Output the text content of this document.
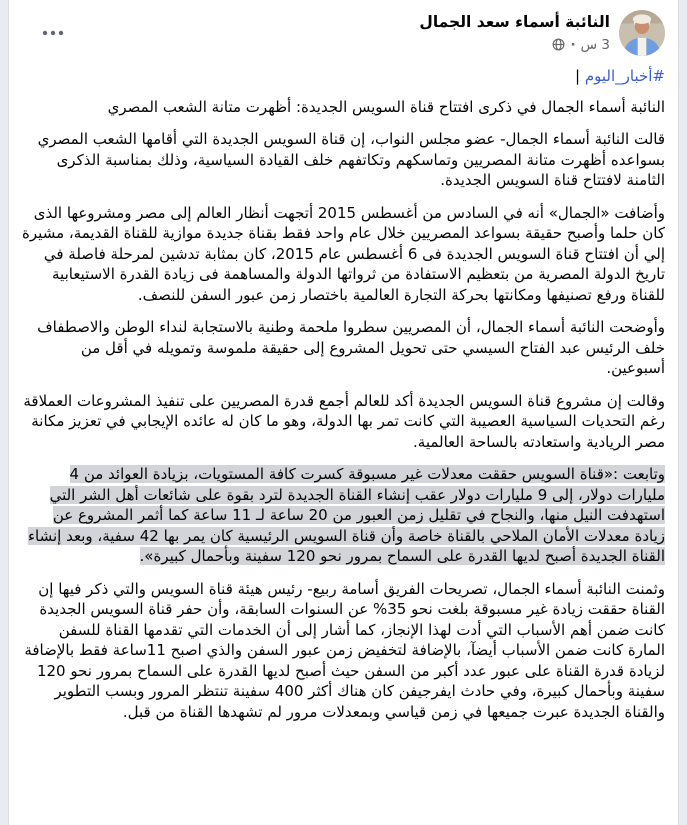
النائبة أسماء سعد الجمال
3 س
·
#أخبار_اليوم |

النائبة أسماء الجمال في ذكرى افتتاح قناة السويس الجديدة: أظهرت متانة الشعب المصري

قالت النائبة أسماء الجمال- عضو مجلس النواب، إن قناة السويس الجديدة التي أقامها الشعب المصري بسواعده أظهرت متانة المصريين وتماسكهم وتكاتفهم خلف القيادة السياسية، وذلك بمناسبة الذكرى الثامنة لافتتاح قناة السويس الجديدة.

وأضافت «الجمال» أنه في السادس من أغسطس 2015 أتجهت أنظار العالم إلى مصر ومشروعها الذى كان حلما وأصبح حقيقة بسواعد المصريين خلال عام واحد فقط بقناة جديدة موازية للقناة القديمة، مشيرة إلي أن افتتاح قناة السويس الجديدة فى 6 أغسطس عام 2015، كان بمثابة تدشين لمرحلة فاصلة في تاريخ الدولة المصرية من بتعظيم الاستفادة من ثرواتها الدولة والمساهمة فى زيادة القدرة الاستيعابية للقناة ورفع تصنيفها ومكانتها بحركة التجارة العالمية باختصار زمن عبور السفن للنصف.

وأوضحت النائبة أسماء الجمال، أن المصريين سطروا ملحمة وطنية بالاستجابة لنداء الوطن والاصطفاف خلف الرئيس عبد الفتاح السيسي حتى تحويل المشروع إلى حقيقة ملموسة وتمويله في أقل من أسبوعين.

وقالت إن مشروع قناة السويس الجديدة أكد للعالم أجمع قدرة المصريين على تنفيذ المشروعات العملاقة رغم التحديات السياسية العصيبة التي كانت تمر بها الدولة، وهو ما كان له عائده الإيجابي في تعزيز مكانة مصر الريادية واستعادته بالساحة العالمية.

وتابعت :«قناة السويس حققت معدلات غير مسبوقة كسرت كافة المستويات، بزيادة العوائد من 4 مليارات دولار، إلى 9 مليارات دولار عقب إنشاء القناة الجديدة لترد بقوة على شائعات أهل الشر التي استهدفت النيل منها، والنجاح في تقليل زمن العبور من 20 ساعة لـ 11 ساعة كما أثمر المشروع عن زيادة معدلات الأمان الملاحي بالقناة خاصة وأن قناة السويس الرئيسية كان يمر بها 42 سفية، وبعد إنشاء القناة الجديدة أصبح لديها القدرة على السماح بمرور نحو 120 سفينة وبأحمال كبيرة».

وثمنت النائبة أسماء الجمال، تصريحات الفريق أسامة ربيع- رئيس هيئة قناة السويس والتي ذكر فيها إن القناة حققت زيادة غير مسبوقة بلغت نحو 35% عن السنوات السابقة، وأن حفر قناة السويس الجديدة كانت ضمن أهم الأسباب التي أدت لهذا الإنجاز، كما أشار إلى أن الخدمات التي تقدمها القناة للسفن المارة كانت ضمن الأسباب أيضآ، بالإضافة لتخفيض زمن عبور السفن والذي اصبح 11ساعة فقط بالإضافة لزيادة قدرة القناة على عبور عدد أكبر من السفن حيث أصبح لديها القدرة على السماح بمرور نحو 120 سفينة وبأحمال كبيرة، وفي حادث ايفرجيفن كان هناك أكثر 400 سفينة تنتظر المرور وبسب التطوير والقناة الجديدة عبرت جميعها في زمن قياسي وبمعدلات مرور لم تشهدها القناة من قبل.
